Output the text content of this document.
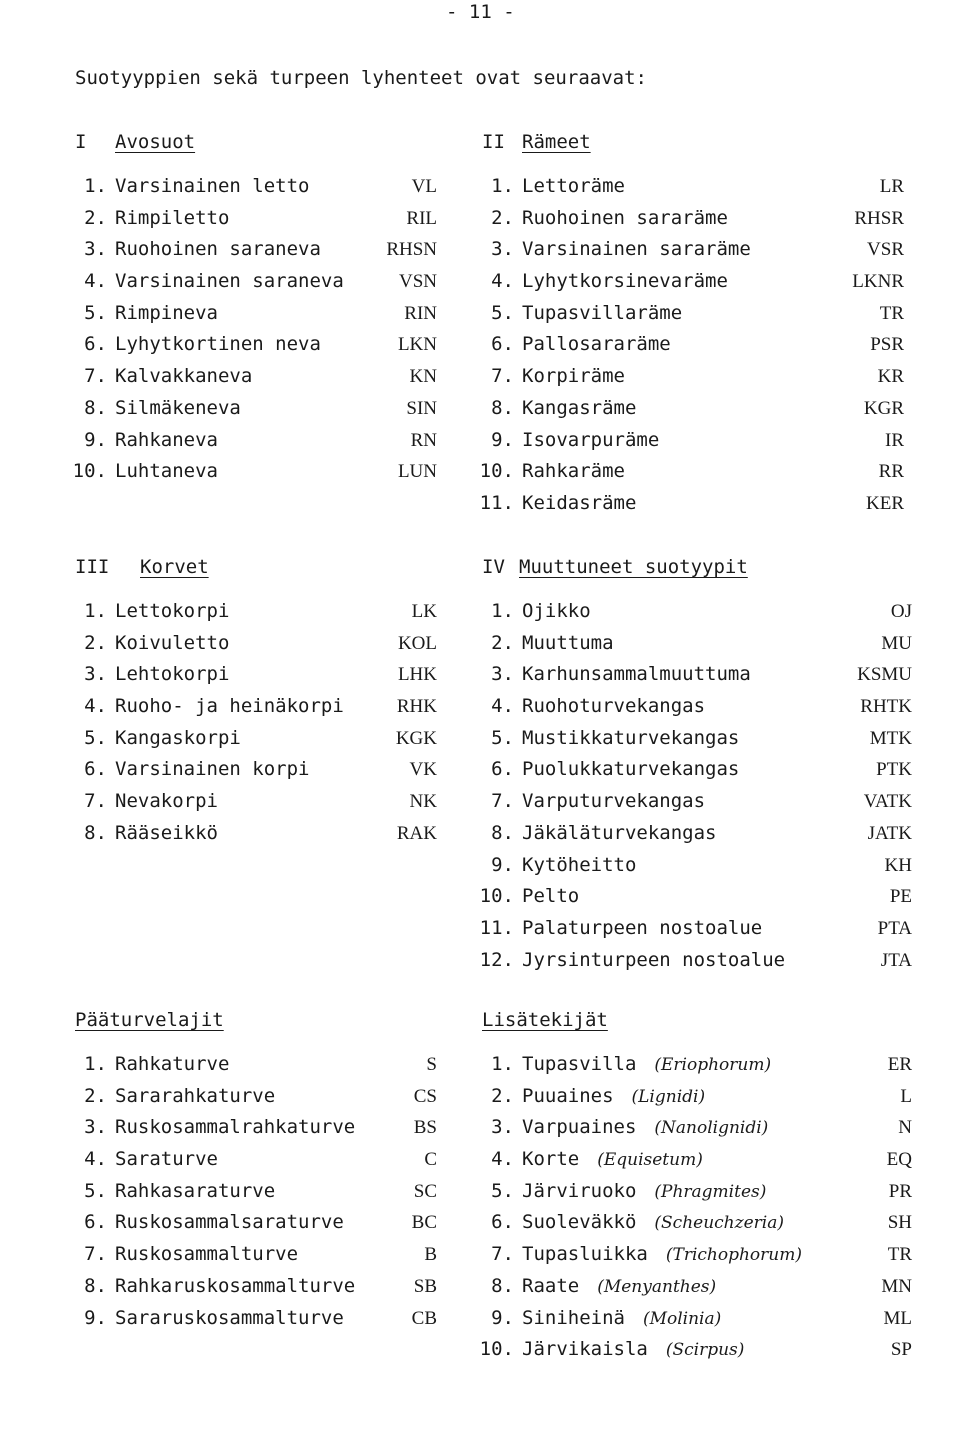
- 11 -
Suotyyppien sekä turpeen lyhenteet ovat seuraavat:
I Avosuot
1. Varsinainen letto	VL
2. Rimpiletto	RIL
3. Ruohoinen saraneva	RHSN
4. Varsinainen saraneva	VSN
5. Rimpineva	RIN
6. Lyhytkortinen neva	LKN
7. Kalvakkaneva	KN
8. Silmäkeneva	SIN
9. Rahkaneva	RN
10. Luhtaneva	LUN
II Rämeet
1. Lettoräme	LR
2. Ruohoinen sararäme	RHSR
3. Varsinainen sararäme	VSR
4. Lyhytkorsinevaräme	LKNR
5. Tupasvillaräme	TR
6. Pallosararäme	PSR
7. Korpiräme	KR
8. Kangasräme	KGR
9. Isovarpuräme	IR
10. Rahkaräme	RR
11. Keidasräme	KER
III Korvet
1. Lettokorpi	LK
2. Koivuletto	KOL
3. Lehtokorpi	LHK
4. Ruoho- ja heinäkorpi	RHK
5. Kangaskorpi	KGK
6. Varsinainen korpi	VK
7. Nevakorpi	NK
8. Rääseikkö	RAK
IV Muuttuneet suotyypit
1. Ojikko	OJ
2. Muuttuma	MU
3. Karhunsammalmuuttuma	KSMU
4. Ruohoturvekangas	RHTK
5. Mustikkaturvekangas	MTK
6. Puolukkaturvekangas	PTK
7. Varputurvekangas	VATK
8. Jäkäläturvekangas	JATK
9. Kytöheitto	KH
10. Pelto	PE
11. Palaturpeen nostoalue	PTA
12. Jyrsinturpeen nostoalue	JTA
Pääturvelajit
1. Rahkaturve	S
2. Sararahkaturve	CS
3. Ruskosammalrahkaturve	BS
4. Saraturve	C
5. Rahkasaraturve	SC
6. Ruskosammalsaraturve	BC
7. Ruskosammalturve	B
8. Rahkaruskosammalturve	SB
9. Sararuskosammalturve	CB
Lisätekijät
1. Tupasvilla (Eriophorum)	ER
2. Puuaines (Lignidi)	L
3. Varpuaines (Nanolignidi)	N
4. Korte (Equisetum)	EQ
5. Järviruoko (Phragmites)	PR
6. Suoleväkkö (Scheuchzeria)	SH
7. Tupasluikka (Trichophorum)	TR
8. Raate (Menyanthes)	MN
9. Siniheinä (Molinia)	ML
10. Järvikaisla (Scirpus)	SP
